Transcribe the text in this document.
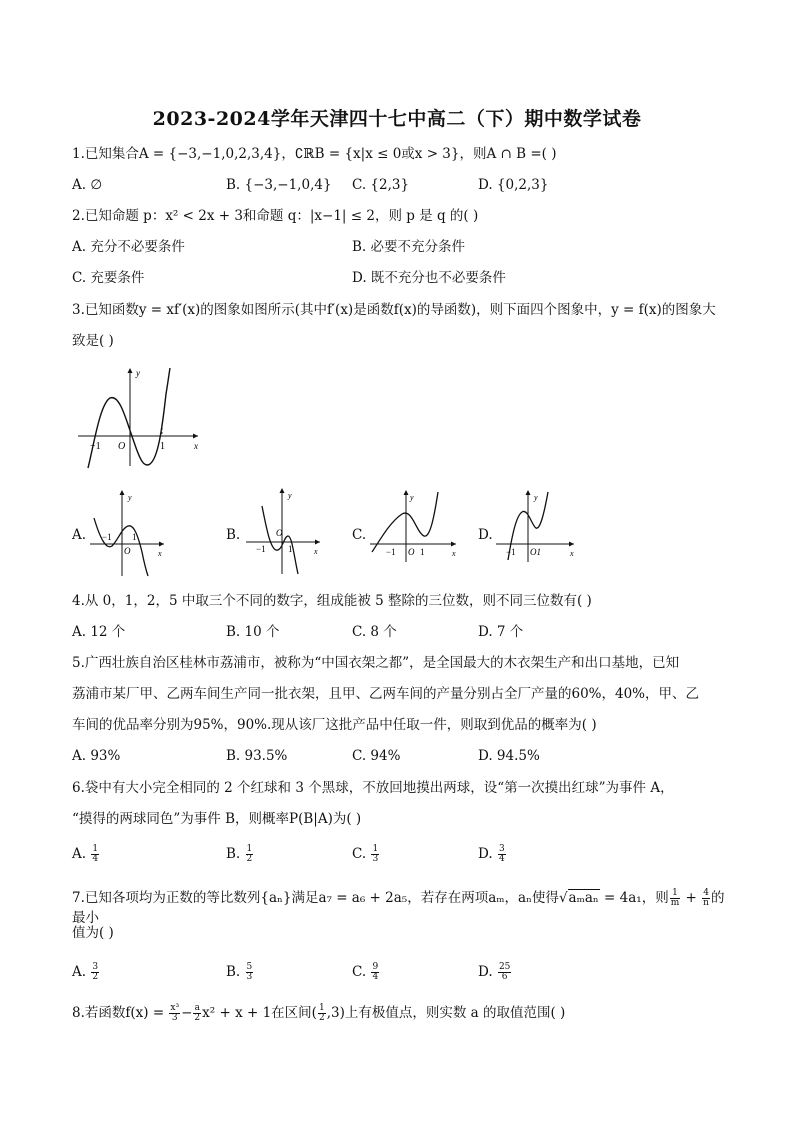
2023-2024学年天津四十七中高二（下）期中数学试卷
1.已知集合A = {−3,−1,0,2,3,4}，∁ℝB = {x|x ≤ 0或x > 3}，则A ∩ B =( )
A. ∅	B. {−3,−1,0,4} C. {2,3}	D. {0,2,3}
2.已知命题 p：x² < 2x + 3和命题 q：|x−1| ≤ 2，则 p 是 q 的( )
A. 充分不必要条件	B. 必要不充分条件
C. 充要条件	D. 既不充分也不必要条件
3.已知函数y = xf′(x)的图象如图所示(其中f′(x)是函数f(x)的导函数)，则下面四个图象中，y = f(x)的图象大
致是( )
y
x
−1 O	1
A.
y
x
−1
O
1	B.
y
x
−1
O
1
C.
y
x
−1 O 1
D.
y
x
−1 O1
4.从 0，1，2，5 中取三个不同的数字，组成能被 5 整除的三位数，则不同三位数有( )
A. 12 个	B. 10 个	C. 8 个	D. 7 个
5.广西壮族自治区桂林市荔浦市，被称为“中国衣架之都”，是全国最大的木衣架生产和出口基地，已知
荔浦市某厂甲、乙两车间生产同一批衣架，且甲、乙两车间的产量分别占全厂产量的60%，40%，甲、乙
车间的优品率分别为95%，90%.现从该厂这批产品中任取一件，则取到优品的概率为( )
A. 93%	B. 93.5%	C. 94%	D. 94.5%
6.袋中有大小完全相同的 2 个红球和 3 个黑球，不放回地摸出两球，设“第一次摸出红球”为事件 A，
“摸得的两球同色”为事件 B，则概率P(B|A)为( )
A. $\frac{1}{4}$	B. $\frac{1}{2}$	C. $\frac{1}{3}$	D. $\frac{3}{4}$
7.已知各项均为正数的等比数列{aₙ}满足a₇ = a₆ + 2a₅，若存在两项aₘ，aₙ使得√aₘaₙ = 4a₁，则 $\frac{1}{m} + \frac{4}{n}$ 的最小
值为( )
A. $\frac{3}{2}$	B. $\frac{5}{3}$	C. $\frac{9}{4}$	D. $\frac{25}{6}$
8.若函数$f(x) = \frac{\text{x³}}{3} - \frac{a}{2} x^2 + x + 1$在区间( $\frac{1}{2} ,3$)上有极值点，则实数 a 的取值范围( )
